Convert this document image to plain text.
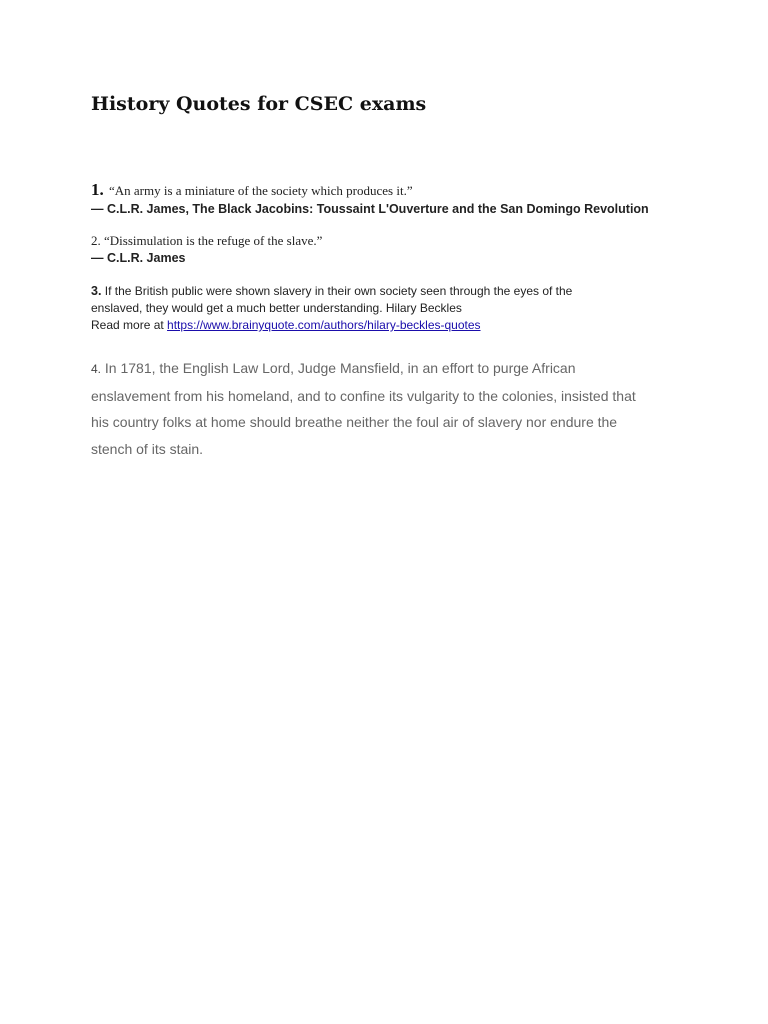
History Quotes for CSEC exams
1. “An army is a miniature of the society which produces it.”
― C.L.R. James, The Black Jacobins: Toussaint L'Ouverture and the San Domingo Revolution
2. “Dissimulation is the refuge of the slave.”
― C.L.R. James
3. If the British public were shown slavery in their own society seen through the eyes of the
enslaved, they would get a much better understanding. Hilary Beckles
Read more at https://www.brainyquote.com/authors/hilary-beckles-quotes
4. In 1781, the English Law Lord, Judge Mansfield, in an effort to purge African
enslavement from his homeland, and to confine its vulgarity to the colonies, insisted that
his country folks at home should breathe neither the foul air of slavery nor endure the
stench of its stain.
